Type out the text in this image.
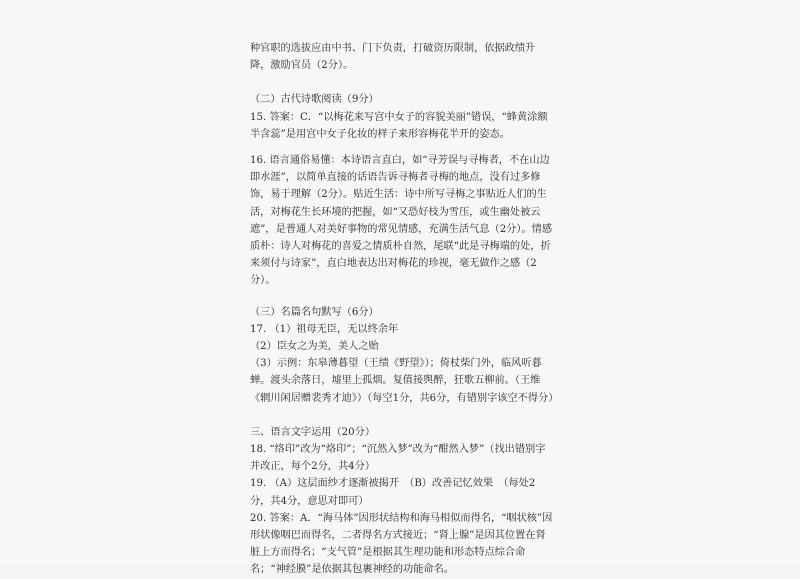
种官职的选拔应由中书、门下负责，打破资历限制，依据政绩升降，激励官员（2分）。

（二）古代诗歌阅读（9分）

15. 答案：C．“以梅花来写宫中女子的容貌美丽”错误，“蜂黄涂额半含蕊”是用宫中女子化妆的样子来形容梅花半开的姿态。

16. 语言通俗易懂：本诗语言直白，如“寻芳误与寻梅者，不在山边即水涯”，以简单直接的话语告诉寻梅者寻梅的地点，没有过多修饰，易于理解（2分）。贴近生活：诗中所写寻梅之事贴近人们的生活，对梅花生长环境的把握，如“又恐好枝为雪压，或生幽处被云遮”，是普通人对美好事物的常见情感，充满生活气息（2分）。情感质朴：诗人对梅花的喜爱之情质朴自然，尾联“此是寻梅端的处，折来须付与诗家”，直白地表达出对梅花的珍视，毫无做作之感（2分）。

（三）名篇名句默写（6分）

17. （1）祖母无臣，无以终余年

（2）臣女之为美，美人之贻

（3）示例：东皋薄暮望（王绩《野望》）；倚杖柴门外，临风听暮蝉。渡头余落日，墟里上孤烟。复值接舆醉，狂歌五柳前。（王维《辋川闲居赠裴秀才迪》）（每空1分，共6分，有错别字该空不得分）

三、语言文字运用（20分）

18. “络印”改为“烙印”；“沉然入梦”改为“酣然入梦”（找出错别字并改正，每个2分，共4分）

19. （A）这层面纱才逐渐被揭开　（B）改善记忆效果　（每处2分，共4分，意思对即可）

20. 答案：A．“海马体”因形状结构和海马相似而得名，“咽状核”因形状像咽巴而得名，二者得名方式接近；“肾上腺”是因其位置在肾脏上方而得名；“支气管”是根据其生理功能和形态特点综合命名；“神经膜”是依据其包裹神经的功能命名。
